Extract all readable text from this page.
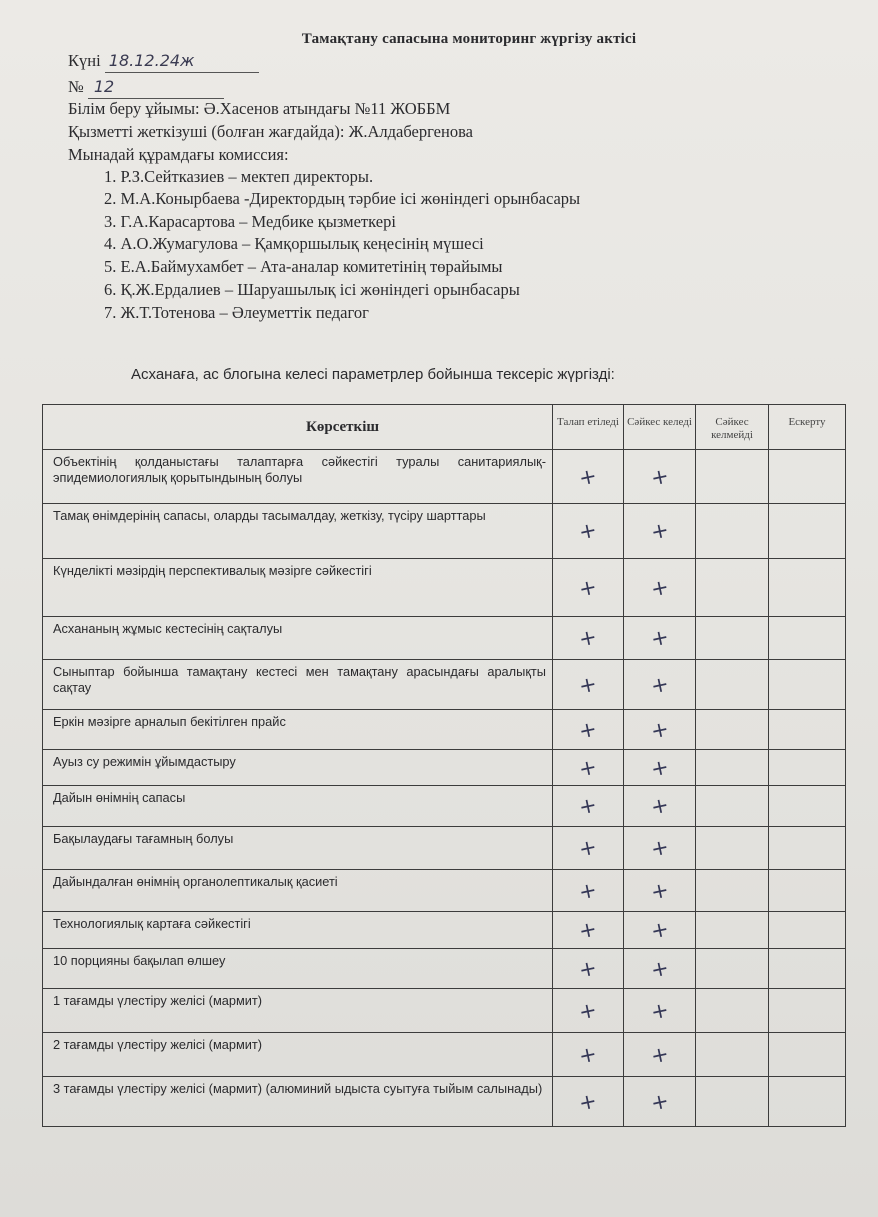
Тамақтану сапасына мониторинг жүргізу актісі
Күні 18.12.24ж
№ 12
Білім беру ұйымы: Ә.Хасенов атындағы №11 ЖОББМ
Қызметті жеткізуші (болған жағдайда): Ж.Алдабергенова
Мынадай құрамдағы комиссия:
1. Р.З.Сейтказиев – мектеп директоры.
2. М.А.Конырбаева -Директордың тәрбие ісі жөніндегі орынбасары
3. Г.А.Карасартова – Медбике қызметкері
4. А.О.Жумагулова – Қамқоршылық кеңесінің мүшесі
5. Е.А.Баймухамбет – Ата-аналар комитетінің төрайымы
6. Қ.Ж.Ердалиев – Шаруашылық ісі жөніндегі орынбасары
7. Ж.Т.Тотенова – Әлеуметтік педагог
Асханаға, ас блогына келесі параметрлер бойынша тексеріс жүргізді:
Көрсеткіш	Талап етіледі	Сәйкес келеді	Сәйкес келмейді	Ескерту
Объектінің қолданыстағы талаптарға сәйкестігі туралы санитариялық-эпидемиологиялық қорытындының болуы	+	+		
Тамақ өнімдерінің сапасы, оларды тасымалдау, жеткізу, түсіру шарттары	+	+		
Күнделікті мәзірдің перспективалық мәзірге сәйкестігі	+	+		
Асхананың жұмыс кестесінің сақталуы	+	+		
Сыныптар бойынша тамақтану кестесі мен тамақтану арасындағы аралықты сақтау	+	+		
Еркін мәзірге арналып бекітілген прайс	+	+		
Ауыз су режимін ұйымдастыру	+	+		
Дайын өнімнің сапасы	+	+		
Бақылаудағы тағамның болуы	+	+		
Дайындалған өнімнің органолептикалық қасиеті	+	+		
Технологиялық картаға сәйкестігі	+	+		
10 порцияны бақылап өлшеу	+	+		
1 тағамды үлестіру желісі (мармит)	+	+		
2 тағамды үлестіру желісі (мармит)	+	+		
3 тағамды үлестіру желісі (мармит) (алюминий ыдыста суытуға тыйым салынады)	+	+		
